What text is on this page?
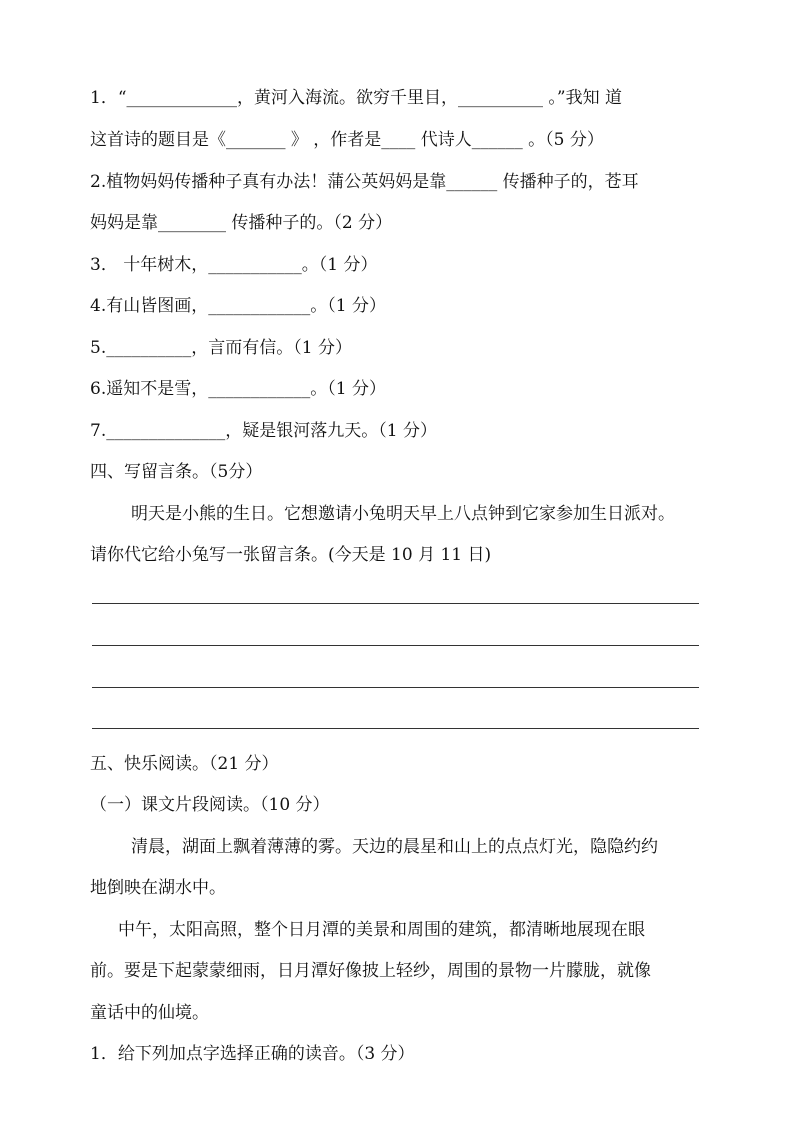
1．“_____________，黄河入海流。欲穷千里目，__________ 。”我知 道
这首诗的题目是《_______ 》 ，作者是____ 代诗人______ 。（5 分）
2.植物妈妈传播种子真有办法！蒲公英妈妈是靠______ 传播种子的，苍耳
妈妈是靠________ 传播种子的。（2 分）
3． 十年树木，___________。（1 分）
4.有山皆图画，____________。（1 分）
5.__________，言而有信。（1 分）
6.遥知不是雪，____________。（1 分）
7.______________，疑是银河落九天。（1 分）
四、写留言条。（5分）
明天是小熊的生日。它想邀请小兔明天早上八点钟到它家参加生日派对。
请你代它给小兔写一张留言条。(今天是 10 月 11 日)
五、快乐阅读。（21 分）
（一）课文片段阅读。（10 分）
清晨，湖面上飘着薄薄的雾。天边的晨星和山上的点点灯光，隐隐约约
地倒映在湖水中。
中午，太阳高照，整个日月潭的美景和周围的建筑，都清晰地展现在眼
前。要是下起蒙蒙细雨，日月潭好像披上轻纱，周围的景物一片朦胧，就像
童话中的仙境。
1．给下列加点字选择正确的读音。（3 分）
